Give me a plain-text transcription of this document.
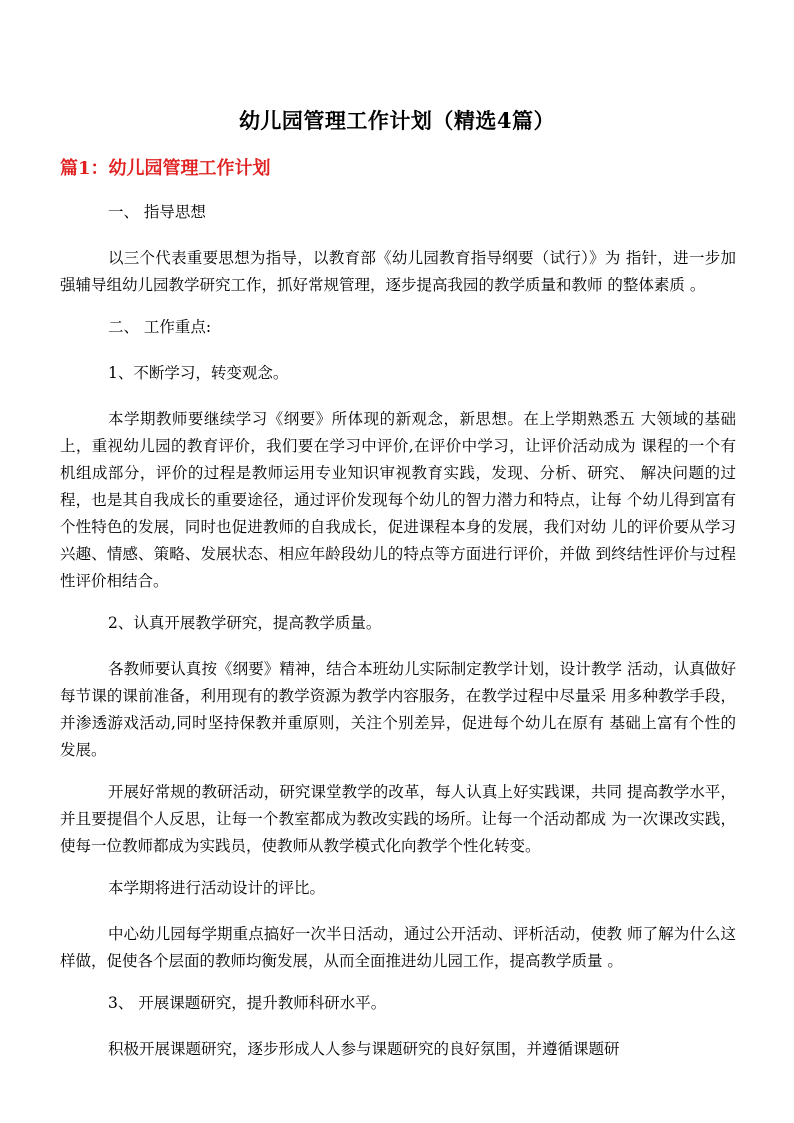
幼儿园管理工作计划（精选4篇）
篇1：幼儿园管理工作计划

一、 指导思想

以三个代表重要思想为指导，以教育部《幼儿园教育指导纲要（试行）》为 指针，进一步加强辅导组幼儿园教学研究工作，抓好常规管理，逐步提高我园的教学质量和教师 的整体素质 。

二、 工作重点:

1、不断学习，转变观念。

本学期教师要继续学习《纲要》所体现的新观念，新思想。在上学期熟悉五 大领域的基础上，重视幼儿园的教育评价，我们要在学习中评价,在评价中学习，让评价活动成为 课程的一个有机组成部分，评价的过程是教师运用专业知识审视教育实践，发现、分析、研究、 解决问题的过程，也是其自我成长的重要途径，通过评价发现每个幼儿的智力潜力和特点，让每 个幼儿得到富有个性特色的发展，同时也促进教师的自我成长，促进课程本身的发展，我们对幼 儿的评价要从学习兴趣、情感、策略、发展状态、相应年龄段幼儿的特点等方面进行评价，并做 到终结性评价与过程性评价相结合。

2、认真开展教学研究，提高教学质量。

各教师要认真按《纲要》精神，结合本班幼儿实际制定教学计划，设计教学 活动，认真做好每节课的课前准备，利用现有的教学资源为教学内容服务，在教学过程中尽量采 用多种教学手段，并渗透游戏活动,同时坚持保教并重原则，关注个别差异，促进每个幼儿在原有 基础上富有个性的发展。

开展好常规的教研活动，研究课堂教学的改革，每人认真上好实践课，共同 提高教学水平，并且要提倡个人反思，让每一个教室都成为教改实践的场所。让每一个活动都成 为一次课改实践，使每一位教师都成为实践员，使教师从教学模式化向教学个性化转变。

本学期将进行活动设计的评比。

中心幼儿园每学期重点搞好一次半日活动，通过公开活动、评析活动，使教 师了解为什么这样做，促使各个层面的教师均衡发展，从而全面推进幼儿园工作，提高教学质量 。

3、 开展课题研究，提升教师科研水平。

积极开展课题研究，逐步形成人人参与课题研究的良好氛围，并遵循课题研
